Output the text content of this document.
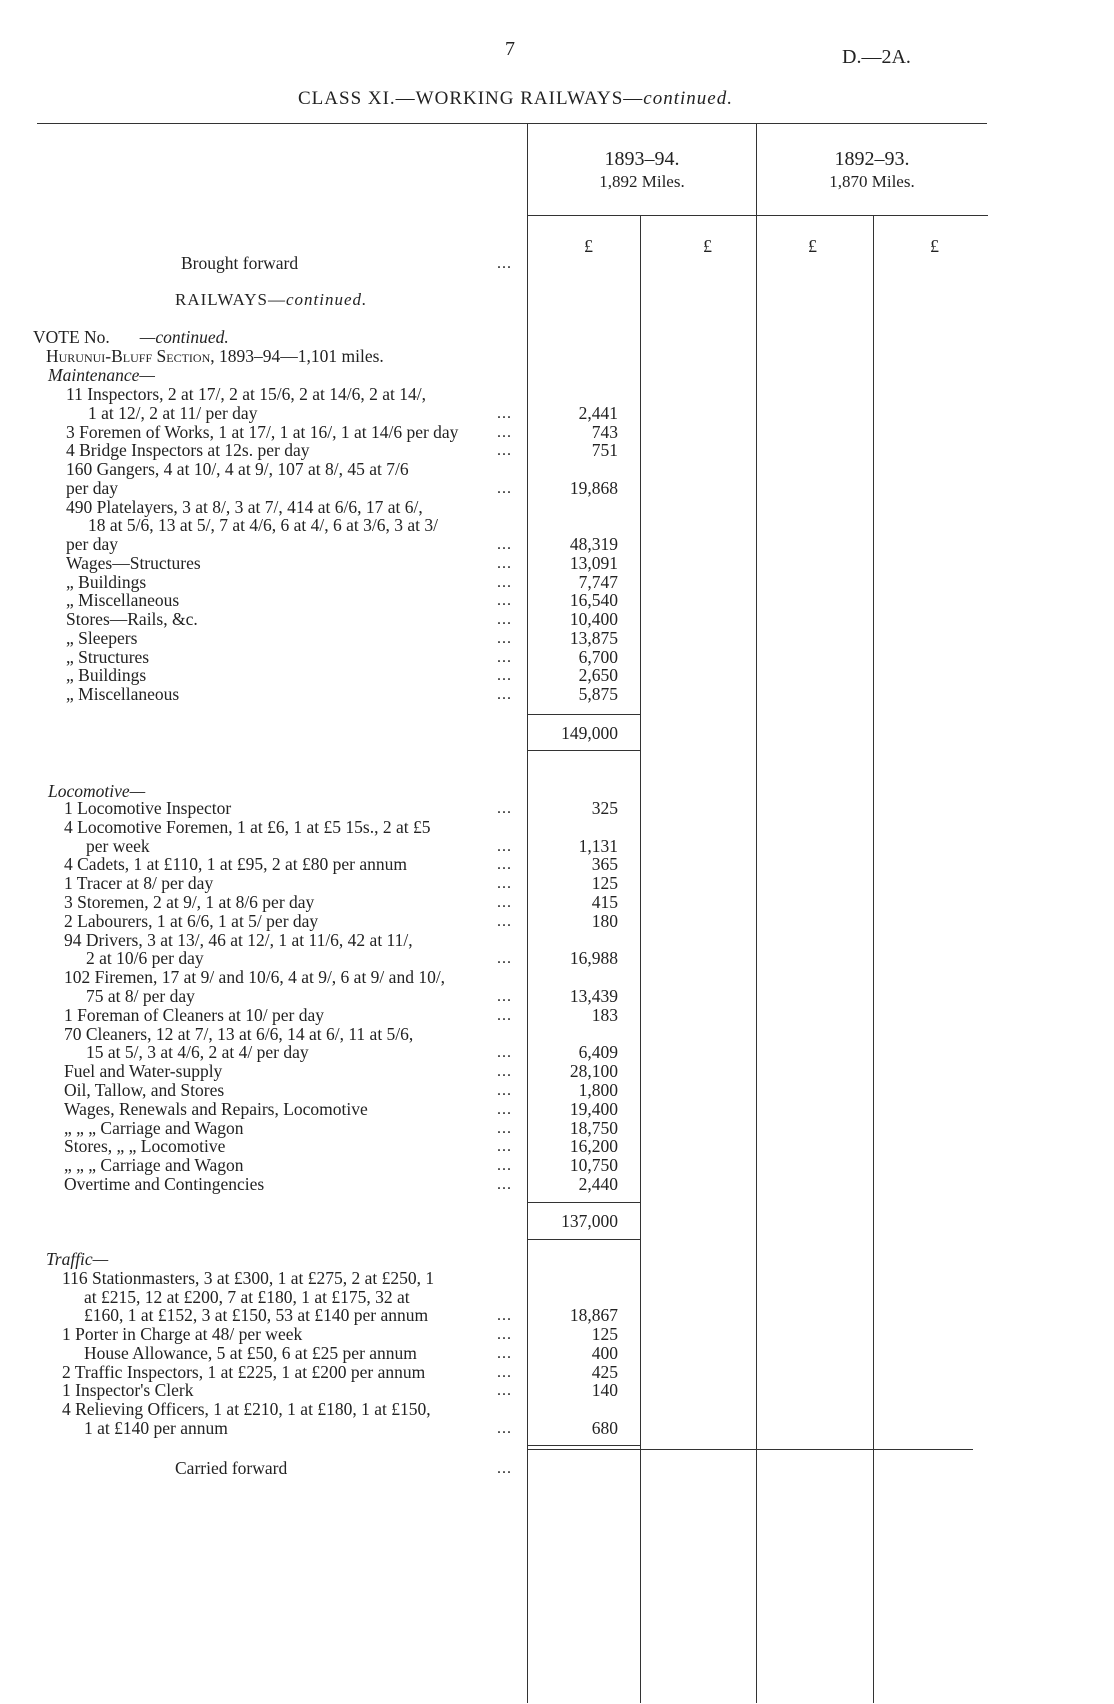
7	D.—2A.
CLASS XI.—WORKING RAILWAYS—continued.
1893–94.
1,892 Miles.
1892–93.
1,870 Miles.
£	£	£	£
Brought forward	...
RAILWAYS—continued.
VOTE No. —continued.
Hurunui-Bluff Section, 1893–94—1,101 miles.
Maintenance—
11 Inspectors, 2 at 17/, 2 at 15/6, 2 at 14/6, 2 at 14/,
1 at 12/, 2 at 11/ per day	...	2,441
3 Foremen of Works, 1 at 17/, 1 at 16/, 1 at 14/6 per day ...	743
4 Bridge Inspectors at 12s. per day	...	751
160 Gangers, 4 at 10/, 4 at 9/, 107 at 8/, 45 at 7/6
per day	...	19,868
490 Platelayers, 3 at 8/, 3 at 7/, 414 at 6/6, 17 at 6/,
18 at 5/6, 13 at 5/, 7 at 4/6, 6 at 4/, 6 at 3/6, 3 at 3/
per day	...	48,319
Wages—Structures	...	13,091
„ Buildings	...	7,747
„ Miscellaneous	...	16,540
Stores—Rails, &c.	...	10,400
„ Sleepers	...	13,875
„ Structures	...	6,700
„ Buildings	...	2,650
„ Miscellaneous	...	5,875
149,000
Locomotive—
1 Locomotive Inspector	...	325
4 Locomotive Foremen, 1 at £6, 1 at £5 15s., 2 at £5
per week	...	1,131
4 Cadets, 1 at £110, 1 at £95, 2 at £80 per annum	...	365
1 Tracer at 8/ per day	...	125
3 Storemen, 2 at 9/, 1 at 8/6 per day	...	415
2 Labourers, 1 at 6/6, 1 at 5/ per day	...	180
94 Drivers, 3 at 13/, 46 at 12/, 1 at 11/6, 42 at 11/,
2 at 10/6 per day	...	16,988
102 Firemen, 17 at 9/ and 10/6, 4 at 9/, 6 at 9/ and 10/,
75 at 8/ per day	...	13,439
1 Foreman of Cleaners at 10/ per day	...	183
70 Cleaners, 12 at 7/, 13 at 6/6, 14 at 6/, 11 at 5/6,
15 at 5/, 3 at 4/6, 2 at 4/ per day	...	6,409
Fuel and Water-supply	...	28,100
Oil, Tallow, and Stores	...	1,800
Wages, Renewals and Repairs, Locomotive	...	19,400
„ „ „ Carriage and Wagon	...	18,750
Stores, „ „ Locomotive	...	16,200
„ „ „ Carriage and Wagon	...	10,750
Overtime and Contingencies	...	2,440
137,000
Traffic—
116 Stationmasters, 3 at £300, 1 at £275, 2 at £250, 1
at £215, 12 at £200, 7 at £180, 1 at £175, 32 at
£160, 1 at £152, 3 at £150, 53 at £140 per annum	...	18,867
1 Porter in Charge at 48/ per week	...	125
House Allowance, 5 at £50, 6 at £25 per annum	...	400
2 Traffic Inspectors, 1 at £225, 1 at £200 per annum	...	425
1 Inspector's Clerk	...	140
4 Relieving Officers, 1 at £210, 1 at £180, 1 at £150,
1 at £140 per annum	...	680
Carried forward	...
